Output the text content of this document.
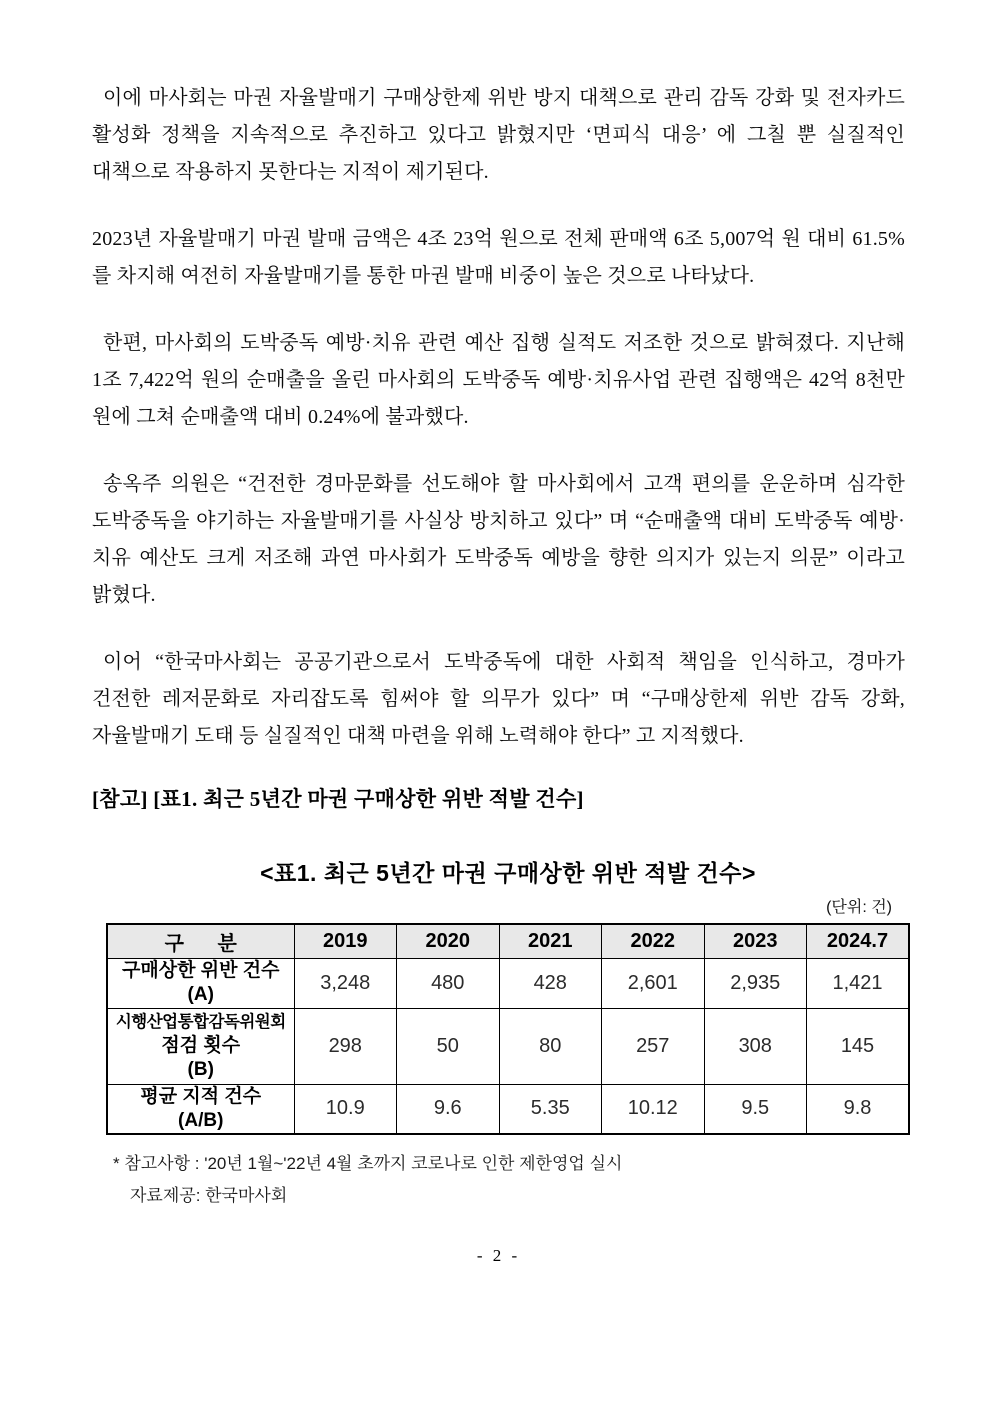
이에 마사회는 마권 자율발매기 구매상한제 위반 방지 대책으로 관리 감독 강화 및 전자카드 활성화 정책을 지속적으로 추진하고 있다고 밝혔지만 ‘면피식 대응’ 에 그칠 뿐 실질적인 대책으로 작용하지 못한다는 지적이 제기된다.

2023년 자율발매기 마권 발매 금액은 4조 23억 원으로 전체 판매액 6조 5,007억 원 대비 61.5%를 차지해 여전히 자율발매기를 통한 마권 발매 비중이 높은 것으로 나타났다.

한편, 마사회의 도박중독 예방·치유 관련 예산 집행 실적도 저조한 것으로 밝혀졌다. 지난해 1조 7,422억 원의 순매출을 올린 마사회의 도박중독 예방·치유사업 관련 집행액은 42억 8천만 원에 그쳐 순매출액 대비 0.24%에 불과했다.

송옥주 의원은 “건전한 경마문화를 선도해야 할 마사회에서 고객 편의를 운운하며 심각한 도박중독을 야기하는 자율발매기를 사실상 방치하고 있다” 며 “순매출액 대비 도박중독 예방·치유 예산도 크게 저조해 과연 마사회가 도박중독 예방을 향한 의지가 있는지 의문” 이라고 밝혔다.

이어 “한국마사회는 공공기관으로서 도박중독에 대한 사회적 책임을 인식하고, 경마가 건전한 레저문화로 자리잡도록 힘써야 할 의무가 있다” 며 “구매상한제 위반 감독 강화, 자율발매기 도태 등 실질적인 대책 마련을 위해 노력해야 한다” 고 지적했다.

[참고] [표1. 최근 5년간 마권 구매상한 위반 적발 건수]
<표1. 최근 5년간 마권 구매상한 위반 적발 건수>
(단위: 건)
구 분	2019	2020	2021	2022	2023	2024.7

구매상한 위반 건수
(A)	3,248	480	428	2,601	2,935	1,421

시행산업통합감독위원회
점검 횟수
(B)	298	50	80	257	308	145

평균 지적 건수
(A/B)	10.9	9.6	5.35	10.12	9.5	9.8
* 참고사항 : '20년 1월~'22년 4월 초까지 코로나로 인한 제한영업 실시
자료제공: 한국마사회
- 2 -
